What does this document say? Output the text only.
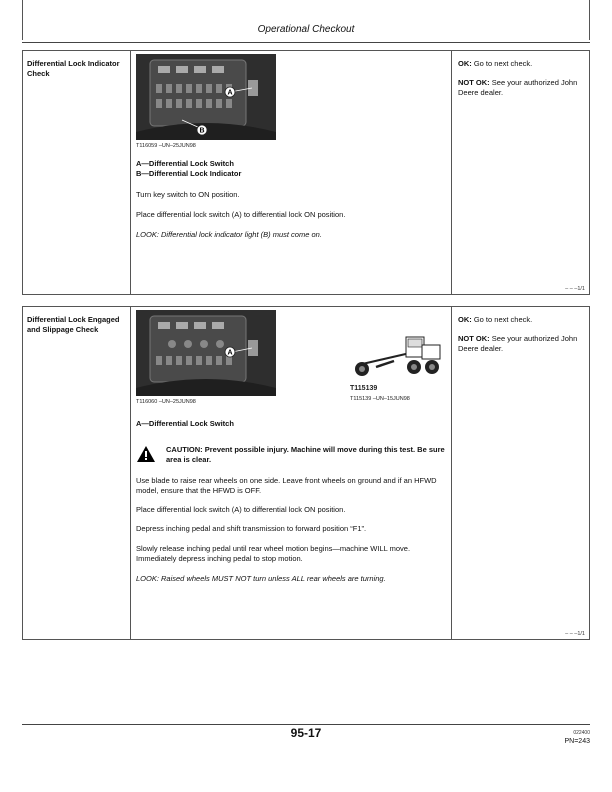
Operational Checkout
Differential Lock Indicator Check
A
B
T116059 –UN–25JUN98
A—Differential Lock Switch
B—Differential Lock Indicator
Turn key switch to ON position.
Place differential lock switch (A) to differential lock ON position.
LOOK: Differential lock indicator light (B) must come on.
OK: Go to next check.
NOT OK: See your authorized John Deere dealer.
– – –1/1
Differential Lock Engaged and Slippage Check
A
T116060 –UN–25JUN98
T115139
T115139 –UN–15JUN98
A—Differential Lock Switch
CAUTION: Prevent possible injury. Machine will move during this test. Be sure area is clear.
Use blade to raise rear wheels on one side. Leave front wheels on ground and if an HFWD model, ensure that the HFWD is OFF.
Place differential lock switch (A) to differential lock ON position.
Depress inching pedal and shift transmission to forward position “F1”.
Slowly release inching pedal until rear wheel motion begins—machine WILL move. Immediately depress inching pedal to stop motion.
LOOK: Raised wheels MUST NOT turn unless ALL rear wheels are turning.
OK: Go to next check.
NOT OK: See your authorized John Deere dealer.
– – –1/1
95-17	022400
PN=243
